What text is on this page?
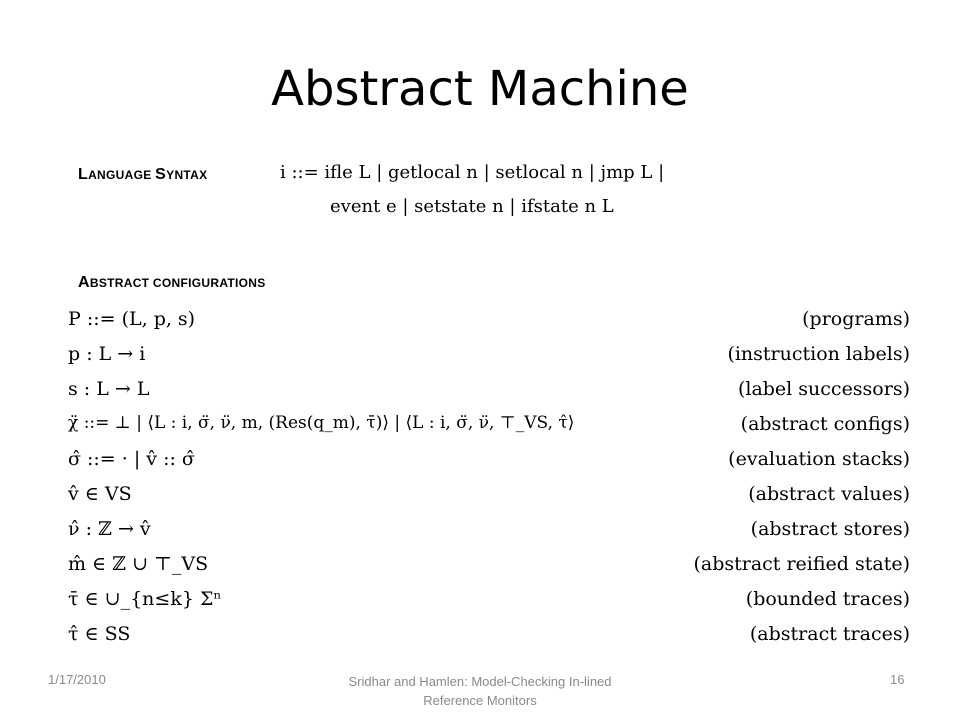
Abstract Machine
LANGUAGE SYNTAX	i ::= ifle L | getlocal n | setlocal n | jmp L |
event e | setstate n | ifstate n L
ABSTRACT CONFIGURATIONS
P ::= (L, p, s)	(programs)
p : L → i	(instruction labels)
s : L → L	(label successors)
χ̈ ::= ⊥ | ⟨L : i, σ̈, ν̈, m, (Res(q_m), τ̄)⟩ | ⟨L : i, σ̈, ν̈, ⊤_VS, τ̂⟩	(abstract configs)
σ̂ ::= · | v̂ :: σ̂	(evaluation stacks)
v̂ ∈ VS	(abstract values)
ν̂ : ℤ → v̂	(abstract stores)
m̂ ∈ ℤ ∪ ⊤_VS	(abstract reified state)
τ̄ ∈ ∪_{n≤k} Σⁿ	(bounded traces)
τ̂ ∈ SS	(abstract traces)
1/17/2010	Sridhar and Hamlen: Model-Checking In-lined Reference Monitors
16
